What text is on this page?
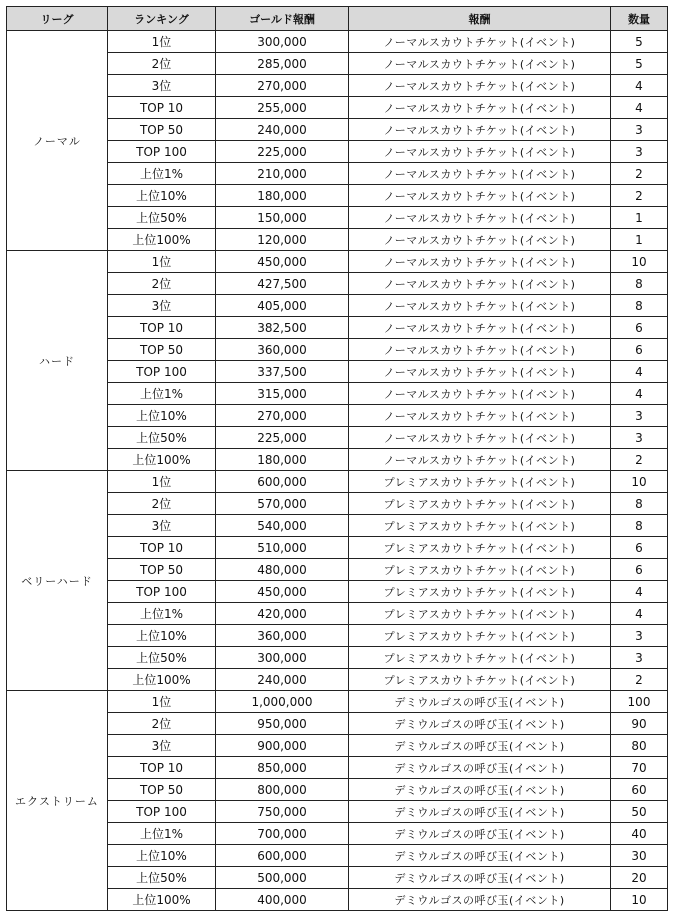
リーグ	ランキング	ゴールド報酬	報酬	数量
ノーマル	1位	300,000	ノーマルスカウトチケット(イベント)	5
	2位	285,000	ノーマルスカウトチケット(イベント)	5
	3位	270,000	ノーマルスカウトチケット(イベント)	4
	TOP 10	255,000	ノーマルスカウトチケット(イベント)	4
	TOP 50	240,000	ノーマルスカウトチケット(イベント)	3
	TOP 100	225,000	ノーマルスカウトチケット(イベント)	3
	上位1%	210,000	ノーマルスカウトチケット(イベント)	2
	上位10%	180,000	ノーマルスカウトチケット(イベント)	2
	上位50%	150,000	ノーマルスカウトチケット(イベント)	1
	上位100%	120,000	ノーマルスカウトチケット(イベント)	1
ハード	1位	450,000	ノーマルスカウトチケット(イベント)	10
	2位	427,500	ノーマルスカウトチケット(イベント)	8
	3位	405,000	ノーマルスカウトチケット(イベント)	8
	TOP 10	382,500	ノーマルスカウトチケット(イベント)	6
	TOP 50	360,000	ノーマルスカウトチケット(イベント)	6
	TOP 100	337,500	ノーマルスカウトチケット(イベント)	4
	上位1%	315,000	ノーマルスカウトチケット(イベント)	4
	上位10%	270,000	ノーマルスカウトチケット(イベント)	3
	上位50%	225,000	ノーマルスカウトチケット(イベント)	3
	上位100%	180,000	ノーマルスカウトチケット(イベント)	2
ベリーハード	1位	600,000	プレミアスカウトチケット(イベント)	10
	2位	570,000	プレミアスカウトチケット(イベント)	8
	3位	540,000	プレミアスカウトチケット(イベント)	8
	TOP 10	510,000	プレミアスカウトチケット(イベント)	6
	TOP 50	480,000	プレミアスカウトチケット(イベント)	6
	TOP 100	450,000	プレミアスカウトチケット(イベント)	4
	上位1%	420,000	プレミアスカウトチケット(イベント)	4
	上位10%	360,000	プレミアスカウトチケット(イベント)	3
	上位50%	300,000	プレミアスカウトチケット(イベント)	3
	上位100%	240,000	プレミアスカウトチケット(イベント)	2
エクストリーム	1位	1,000,000	デミウルゴスの呼び玉(イベント)	100
	2位	950,000	デミウルゴスの呼び玉(イベント)	90
	3位	900,000	デミウルゴスの呼び玉(イベント)	80
	TOP 10	850,000	デミウルゴスの呼び玉(イベント)	70
	TOP 50	800,000	デミウルゴスの呼び玉(イベント)	60
	TOP 100	750,000	デミウルゴスの呼び玉(イベント)	50
	上位1%	700,000	デミウルゴスの呼び玉(イベント)	40
	上位10%	600,000	デミウルゴスの呼び玉(イベント)	30
	上位50%	500,000	デミウルゴスの呼び玉(イベント)	20
	上位100%	400,000	デミウルゴスの呼び玉(イベント)	10
